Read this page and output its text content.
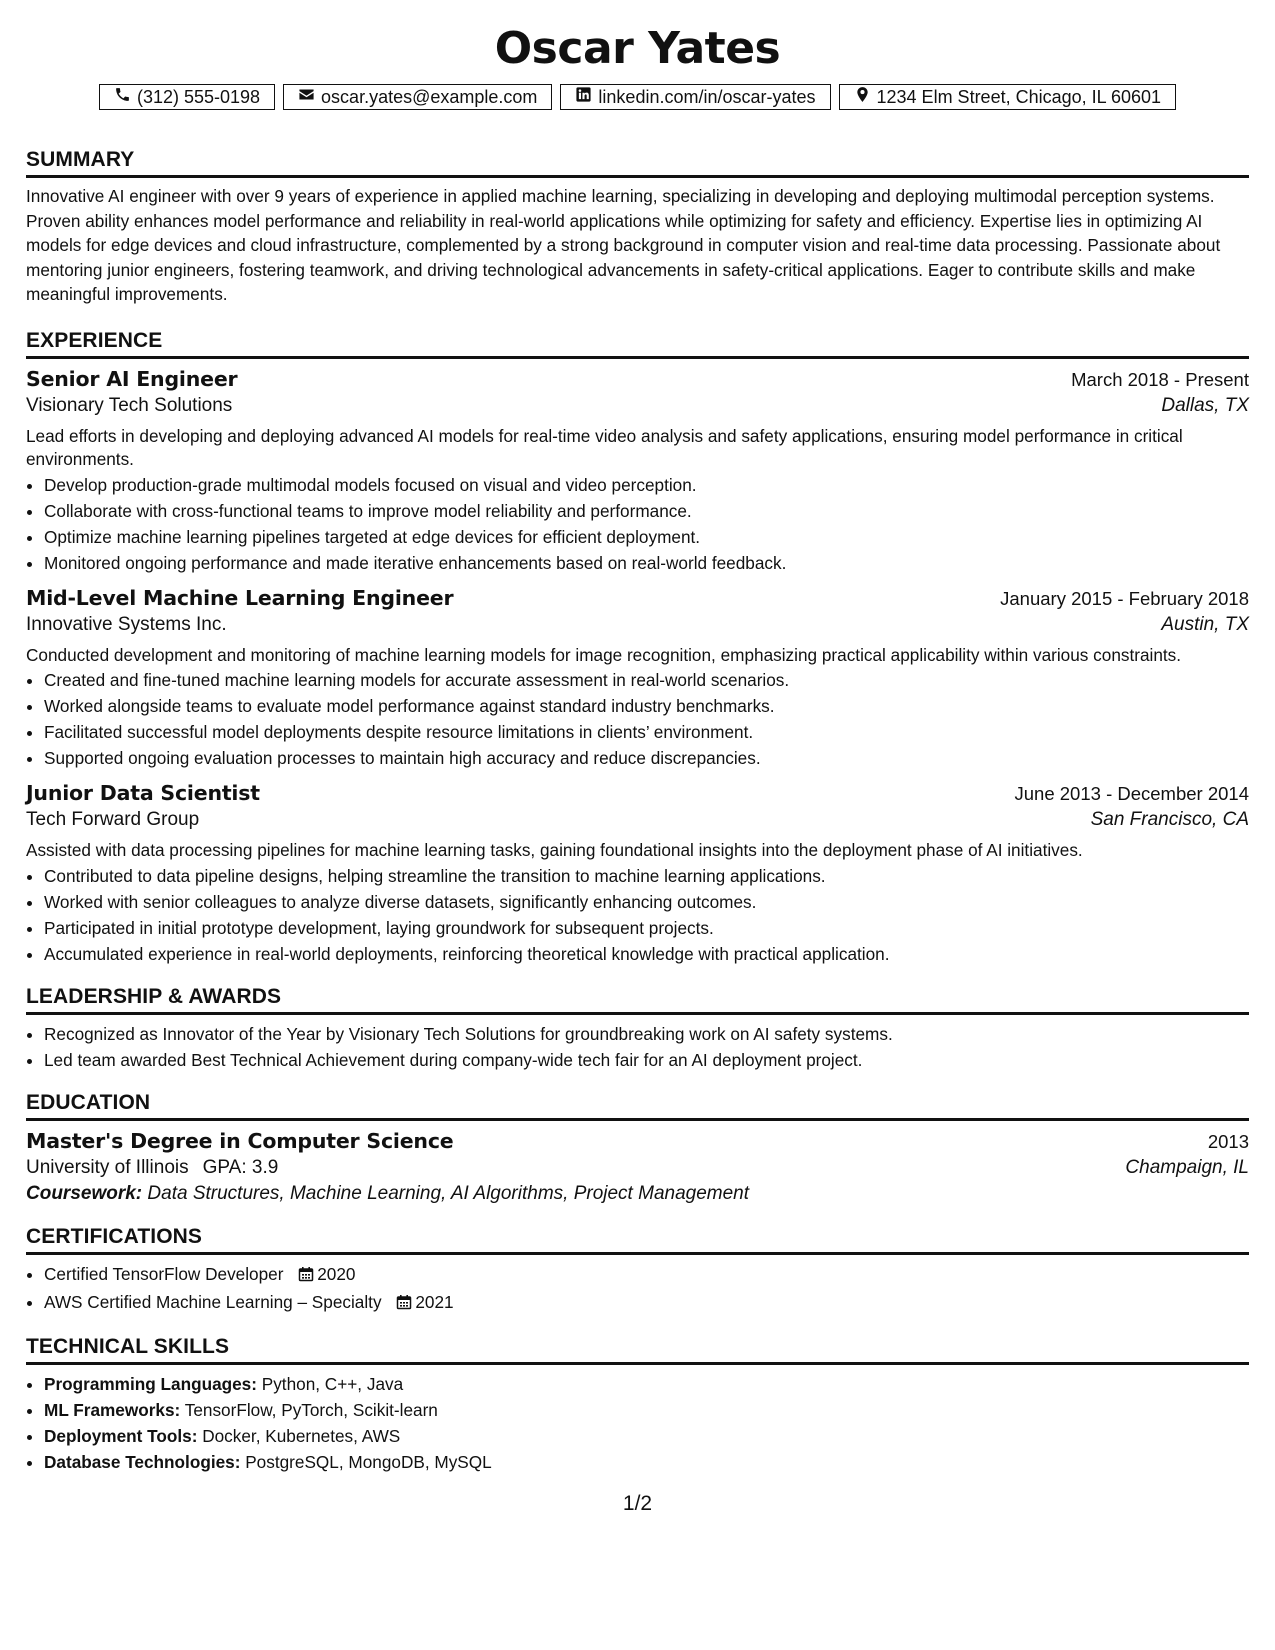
Oscar Yates
(312) 555-0198	oscar.yates@example.com	linkedin.com/in/oscar-yates	1234 Elm Street, Chicago, IL 60601
SUMMARY

Innovative AI engineer with over 9 years of experience in applied machine learning, specializing in developing and deploying multimodal perception systems. Proven ability enhances model performance and reliability in real-world applications while optimizing for safety and efficiency. Expertise lies in optimizing AI models for edge devices and cloud infrastructure, complemented by a strong background in computer vision and real-time data processing. Passionate about mentoring junior engineers, fostering teamwork, and driving technological advancements in safety-critical applications. Eager to contribute skills and make meaningful improvements.

EXPERIENCE
Senior AI Engineer	March 2018 - Present
Visionary Tech Solutions	Dallas, TX
Lead efforts in developing and deploying advanced AI models for real-time video analysis and safety applications, ensuring model performance in critical environments.
• Develop production-grade multimodal models focused on visual and video perception.
• Collaborate with cross-functional teams to improve model reliability and performance.
• Optimize machine learning pipelines targeted at edge devices for efficient deployment.
• Monitored ongoing performance and made iterative enhancements based on real-world feedback.
Mid-Level Machine Learning Engineer	January 2015 - February 2018
Innovative Systems Inc.	Austin, TX
Conducted development and monitoring of machine learning models for image recognition, emphasizing practical applicability within various constraints.
• Created and fine-tuned machine learning models for accurate assessment in real-world scenarios.
• Worked alongside teams to evaluate model performance against standard industry benchmarks.
• Facilitated successful model deployments despite resource limitations in clients’ environment.
• Supported ongoing evaluation processes to maintain high accuracy and reduce discrepancies.
Junior Data Scientist	June 2013 - December 2014
Tech Forward Group	San Francisco, CA
Assisted with data processing pipelines for machine learning tasks, gaining foundational insights into the deployment phase of AI initiatives.
• Contributed to data pipeline designs, helping streamline the transition to machine learning applications.
• Worked with senior colleagues to analyze diverse datasets, significantly enhancing outcomes.
• Participated in initial prototype development, laying groundwork for subsequent projects.
• Accumulated experience in real-world deployments, reinforcing theoretical knowledge with practical application.
LEADERSHIP & AWARDS
• Recognized as Innovator of the Year by Visionary Tech Solutions for groundbreaking work on AI safety systems.
• Led team awarded Best Technical Achievement during company-wide tech fair for an AI deployment project.
EDUCATION
Master's Degree in Computer Science	2013
University of Illinois GPA: 3.9	Champaign, IL
Coursework: Data Structures, Machine Learning, AI Algorithms, Project Management
CERTIFICATIONS
• Certified TensorFlow Developer 2020
• AWS Certified Machine Learning – Specialty 2021
TECHNICAL SKILLS
• Programming Languages: Python, C++, Java
• ML Frameworks: TensorFlow, PyTorch, Scikit-learn
• Deployment Tools: Docker, Kubernetes, AWS
• Database Technologies: PostgreSQL, MongoDB, MySQL
1/2
